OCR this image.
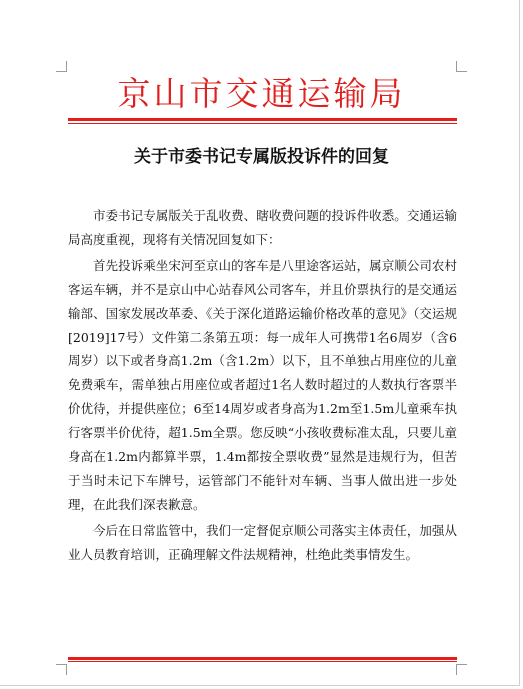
京山市交通运输局
关于市委书记专属版投诉件的回复

市委书记专属版关于乱收费、瞎收费问题的投诉件收悉。交通运输局高度重视，现将有关情况回复如下：

首先投诉乘坐宋河至京山的客车是八里途客运站，属京顺公司农村客运车辆，并不是京山中心站春风公司客车，并且价票执行的是交通运输部、国家发展改革委、《关于深化道路运输价格改革的意见》（交运规[2019]17号）文件第二条第五项：每一成年人可携带1名6周岁（含6周岁）以下或者身高1.2m（含1.2m）以下，且不单独占用座位的儿童免费乘车，需单独占用座位或者超过1名人数时超过的人数执行客票半价优待，并提供座位；6至14周岁或者身高为1.2m至1.5m儿童乘车执行客票半价优待，超1.5m全票。您反映“小孩收费标准太乱，只要儿童身高在1.2m内都算半票，1.4m都按全票收费”显然是违规行为，但苦于当时未记下车牌号，运管部门不能针对车辆、当事人做出进一步处理，在此我们深表歉意。

今后在日常监管中，我们一定督促京顺公司落实主体责任，加强从业人员教育培训，正确理解文件法规精神，杜绝此类事情发生。
